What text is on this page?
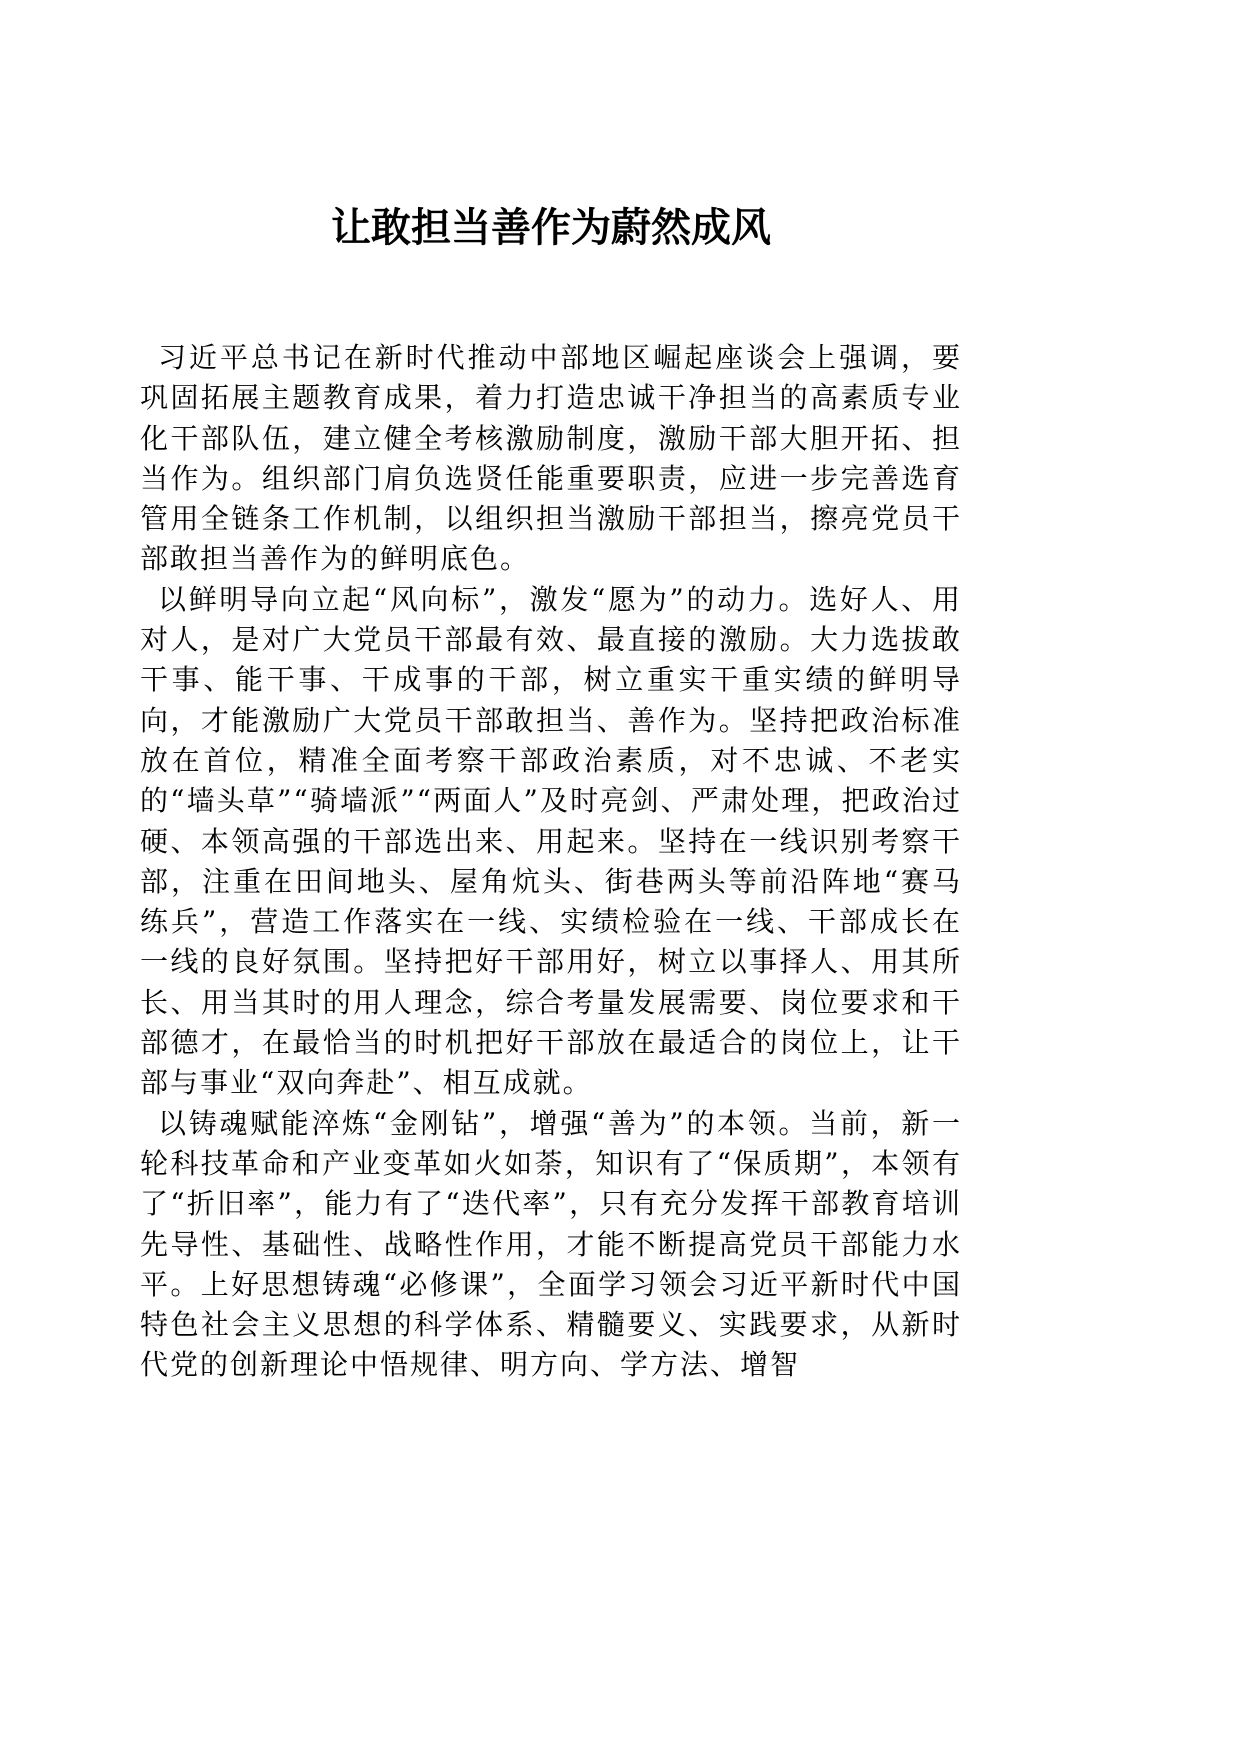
让敢担当善作为蔚然成风

习近平总书记在新时代推动中部地区崛起座谈会上强调，要巩固拓展主题教育成果，着力打造忠诚干净担当的高素质专业化干部队伍，建立健全考核激励制度，激励干部大胆开拓、担当作为。组织部门肩负选贤任能重要职责，应进一步完善选育管用全链条工作机制，以组织担当激励干部担当，擦亮党员干部敢担当善作为的鲜明底色。

以鲜明导向立起“风向标”，激发“愿为”的动力。选好人、用对人，是对广大党员干部最有效、最直接的激励。大力选拔敢干事、能干事、干成事的干部，树立重实干重实绩的鲜明导向，才能激励广大党员干部敢担当、善作为。坚持把政治标准放在首位，精准全面考察干部政治素质，对不忠诚、不老实的“墙头草”“骑墙派”“两面人”及时亮剑、严肃处理，把政治过硬、本领高强的干部选出来、用起来。坚持在一线识别考察干部，注重在田间地头、屋角炕头、街巷两头等前沿阵地“赛马练兵”，营造工作落实在一线、实绩检验在一线、干部成长在一线的良好氛围。坚持把好干部用好，树立以事择人、用其所长、用当其时的用人理念，综合考量发展需要、岗位要求和干部德才，在最恰当的时机把好干部放在最适合的岗位上，让干部与事业“双向奔赴”、相互成就。

以铸魂赋能淬炼“金刚钻”，增强“善为”的本领。当前，新一轮科技革命和产业变革如火如荼，知识有了“保质期”，本领有了“折旧率”，能力有了“迭代率”，只有充分发挥干部教育培训先导性、基础性、战略性作用，才能不断提高党员干部能力水平。上好思想铸魂“必修课”，全面学习领会习近平新时代中国特色社会主义思想的科学体系、精髓要义、实践要求，从新时代党的创新理论中悟规律、明方向、学方法、增智
